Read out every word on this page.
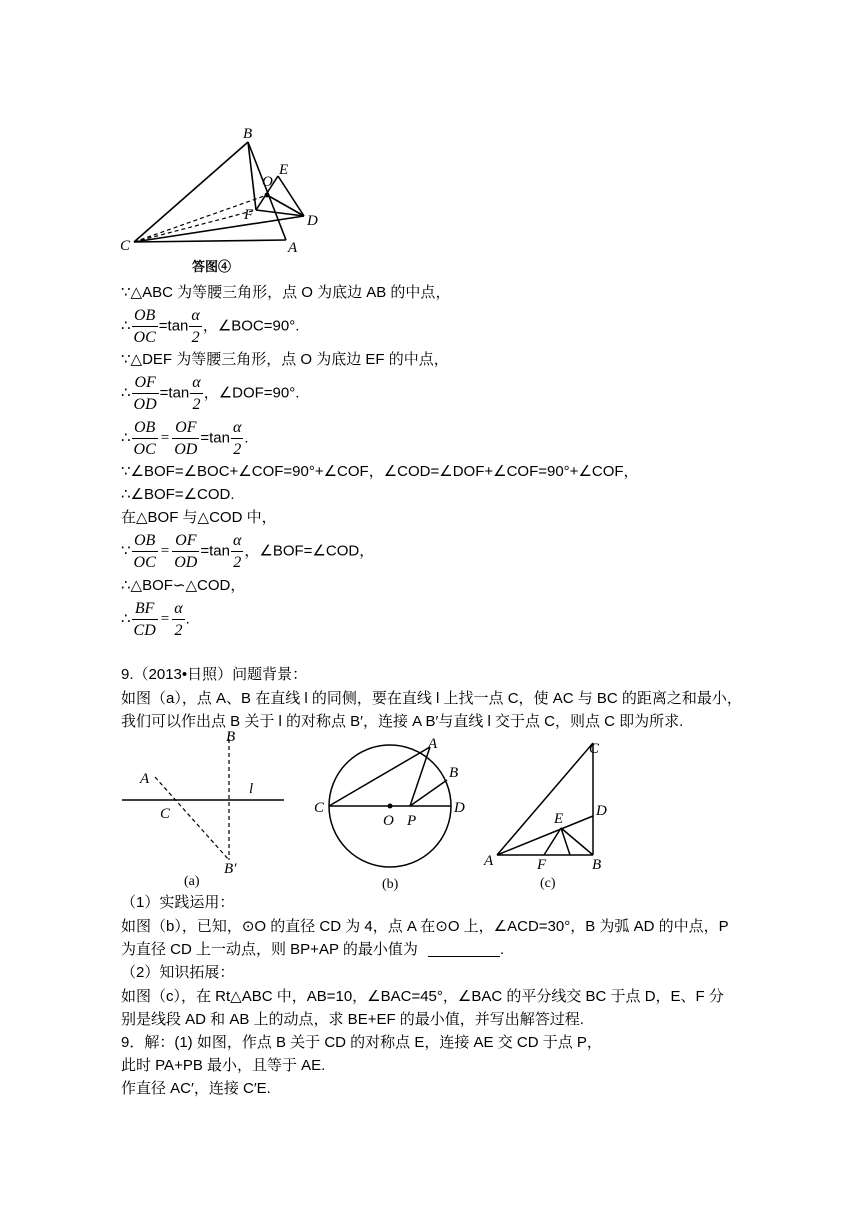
B
O
E
F	D
C	A
答图④
∵△ABC 为等腰三角形，点 O 为底边 AB 的中点，
∴ $\frac{OB}{OC} =\tan \frac{\alpha}{2}$ ，∠BOC=90°.
∵△DEF 为等腰三角形，点 O 为底边 EF 的中点，
∴ $\frac{OF}{OD} =\tan \frac{\alpha}{2}$ ，∠DOF=90°.
∴ $\frac{OB}{OC} = \frac{OF}{OD} =\tan \frac{\alpha}{2}$ .
∵∠BOF=∠BOC+∠COF=90°+∠COF，∠COD=∠DOF+∠COF=90°+∠COF，
∴∠BOF=∠COD.
在△BOF 与△COD 中，
∵ $\frac{OB}{OC} = \frac{OF}{OD} =\tan \frac{\alpha}{2}$ ，∠BOF=∠COD，
∴△BOF∽△COD，
∴ $\frac{BF}{CD} = \frac{\alpha}{2}$ .
9.（2013•日照）问题背景：
如图（a），点 A、B 在直线 l 的同侧，要在直线 l 上找一点 C，使 AC 与 BC 的距离之和最小，
我们可以作出点 B 关于 l 的对称点 B′，连接 A B′与直线 l 交于点 C，则点 C 即为所求.
B
A
l
C
B′
(a)
A
B
C	D
O P
(b)
C
D
E
A	F	B
(c)
（1）实践运用：
如图（b），已知，⊙O 的直径 CD 为 4，点 A 在⊙O 上，∠ACD=30°，B 为弧 AD 的中点，P
为直径 CD 上一动点，则 BP+AP 的最小值为	.
（2）知识拓展：
如图（c），在 Rt△ABC 中，AB=10，∠BAC=45°，∠BAC 的平分线交 BC 于点 D，E、F 分
别是线段 AD 和 AB 上的动点，求 BE+EF 的最小值，并写出解答过程.
9．解：(1) 如图，作点 B 关于 CD 的对称点 E，连接 AE 交 CD 于点 P，
此时 PA+PB 最小，且等于 AE.
作直径 AC′，连接 C′E.
